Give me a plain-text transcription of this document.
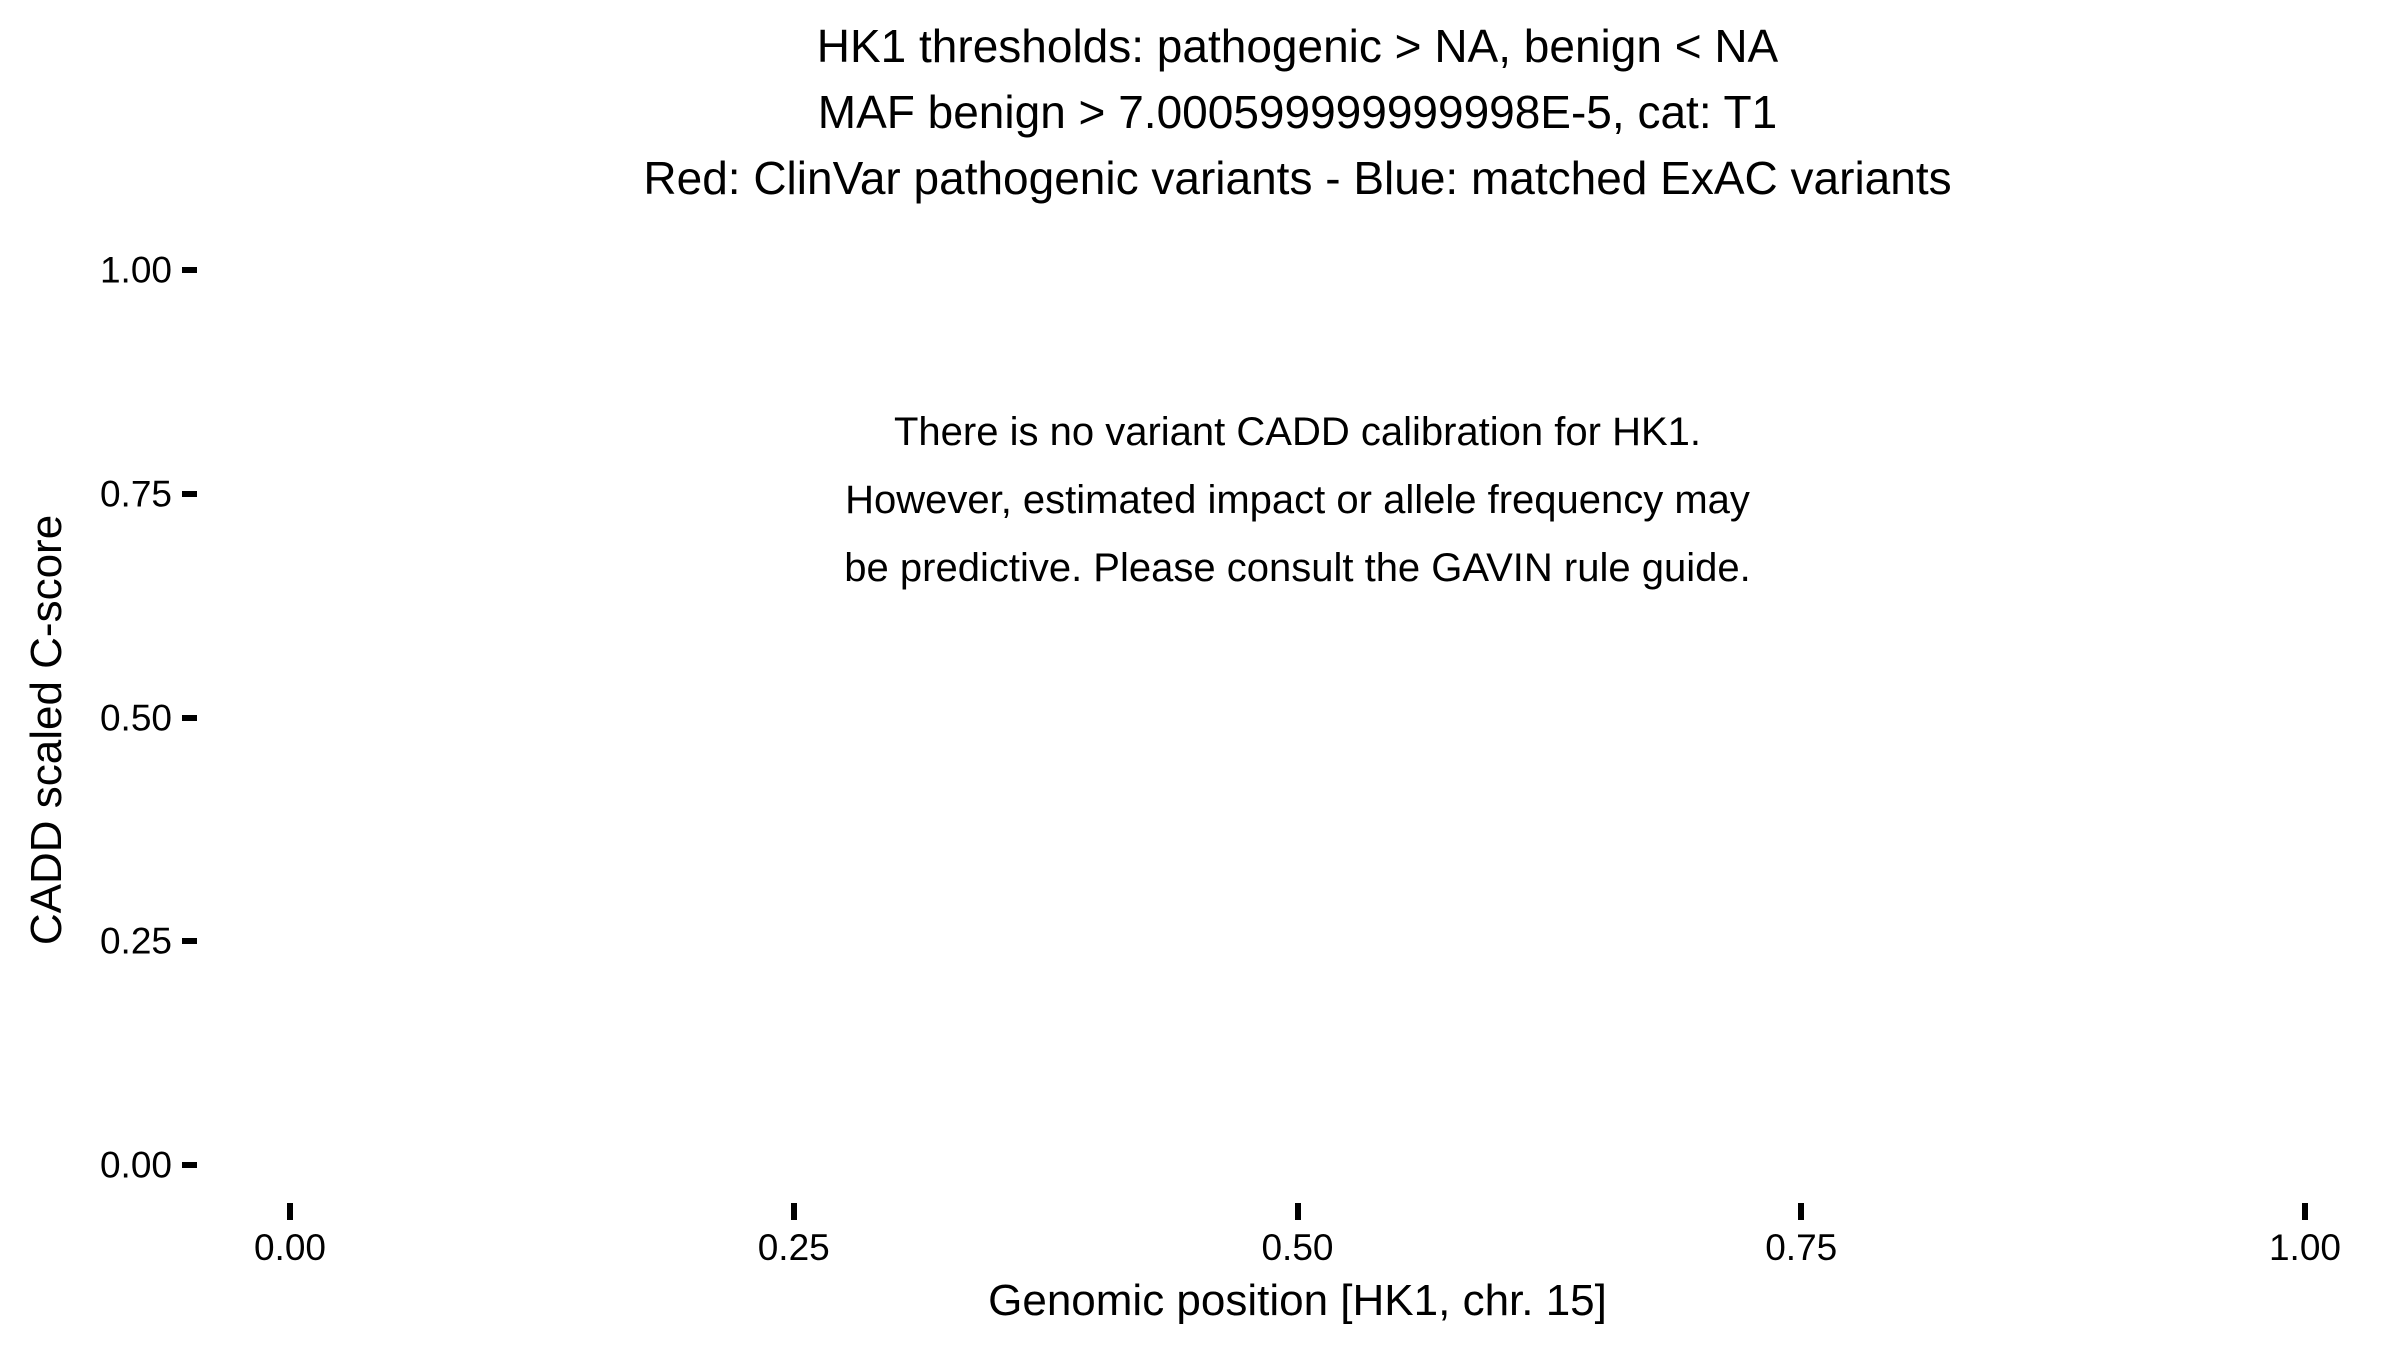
HK1 thresholds: pathogenic > NA, benign < NA
MAF benign > 7.000599999999998E-5, cat: T1
Red: ClinVar pathogenic variants - Blue: matched ExAC variants
There is no variant CADD calibration for HK1.
However, estimated impact or allele frequency may
be predictive. Please consult the GAVIN rule guide.
CADD scaled C-score
Genomic position [HK1, chr. 15]
0.00	0.25	0.50	0.75	1.00
0.00
0.25
0.50
0.75
1.00
